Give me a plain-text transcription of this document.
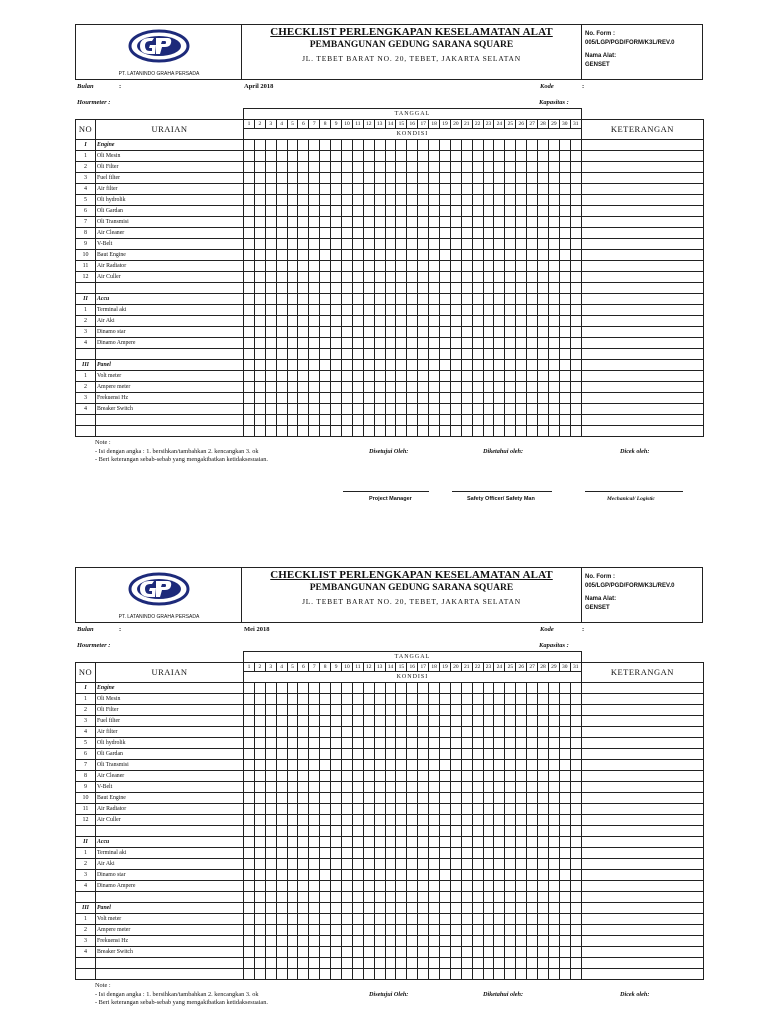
PT. LATANINDO GRAHA PERSADA
CHECKLIST PERLENGKAPAN KESELAMATAN ALAT
PEMBANGUNAN GEDUNG SARANA SQUARE
JL. TEBET BARAT NO. 20, TEBET, JAKARTA SELATAN
No. Form :
005/LGP/PGD/FORM/K3L/REV.0
Nama Alat:
GENSET
Bulan	:	April 2018	Kode	:
Hourmeter :	Kapasitas :
		TANGGAL																															
NO	URAIAN	1	2	3	4	5	6	7	8	9	10	11	12	13	14	15	16	17	18	19	20	21	22	23	24	25	26	27	28	29	30	31	KETERANGAN
		KONDISI																															
I	Engine																																
1	Oli Mesin																																
2	Oli Filter																																
3	Fuel filter																																
4	Air filter																																
5	Oli hydrolik																																
6	Oli Gardan																																
7	Oli Transmisi																																
8	Air Cleaner																																
9	V-Belt																																
10	Baut Engine																																
11	Air Radiator																																
12	Air Culler																																

II	Accu																																
1	Terminal aki																																
2	Air Aki																																
3	Dinamo star																																
4	Dinamo Ampere																																

III	Panel																																
1	Volt meter																																
2	Ampere meter																																
3	Frekuensi Hz																																
4	Breaker Switch																																

Note :
- Isi dengan angka : 1. bersihkan/tambahkan 2. kencangkan 3. ok
- Beri keterangan sebab-sebab yang mengakibatkan ketidaksesuaian.
Disetujui Oleh:	Diketahui oleh:	Dicek oleh:
Project Manager	Safety Officer/ Safety Man	Mechanical/ Logistic
PT. LATANINDO GRAHA PERSADA
CHECKLIST PERLENGKAPAN KESELAMATAN ALAT
PEMBANGUNAN GEDUNG SARANA SQUARE
JL. TEBET BARAT NO. 20, TEBET, JAKARTA SELATAN
No. Form :
005/LGP/PGD/FORM/K3L/REV.0
Nama Alat:
GENSET
Bulan	:	Mei 2018	Kode	:
Hourmeter :	Kapasitas :
		TANGGAL																															
NO	URAIAN	1	2	3	4	5	6	7	8	9	10	11	12	13	14	15	16	17	18	19	20	21	22	23	24	25	26	27	28	29	30	31	KETERANGAN
		KONDISI																															
I	Engine																																
1	Oli Mesin																																
2	Oli Filter																																
3	Fuel filter																																
4	Air filter																																
5	Oli hydrolik																																
6	Oli Gardan																																
7	Oli Transmisi																																
8	Air Cleaner																																
9	V-Belt																																
10	Baut Engine																																
11	Air Radiator																																
12	Air Culler																																

II	Accu																																
1	Terminal aki																																
2	Air Aki																																
3	Dinamo star																																
4	Dinamo Ampere																																

III	Panel																																
1	Volt meter																																
2	Ampere meter																																
3	Frekuensi Hz																																
4	Breaker Switch																																

Note :
- Isi dengan angka : 1. bersihkan/tambahkan 2. kencangkan 3. ok
- Beri keterangan sebab-sebab yang mengakibatkan ketidaksesuaian.
Disetujui Oleh:	Diketahui oleh:	Dicek oleh:
